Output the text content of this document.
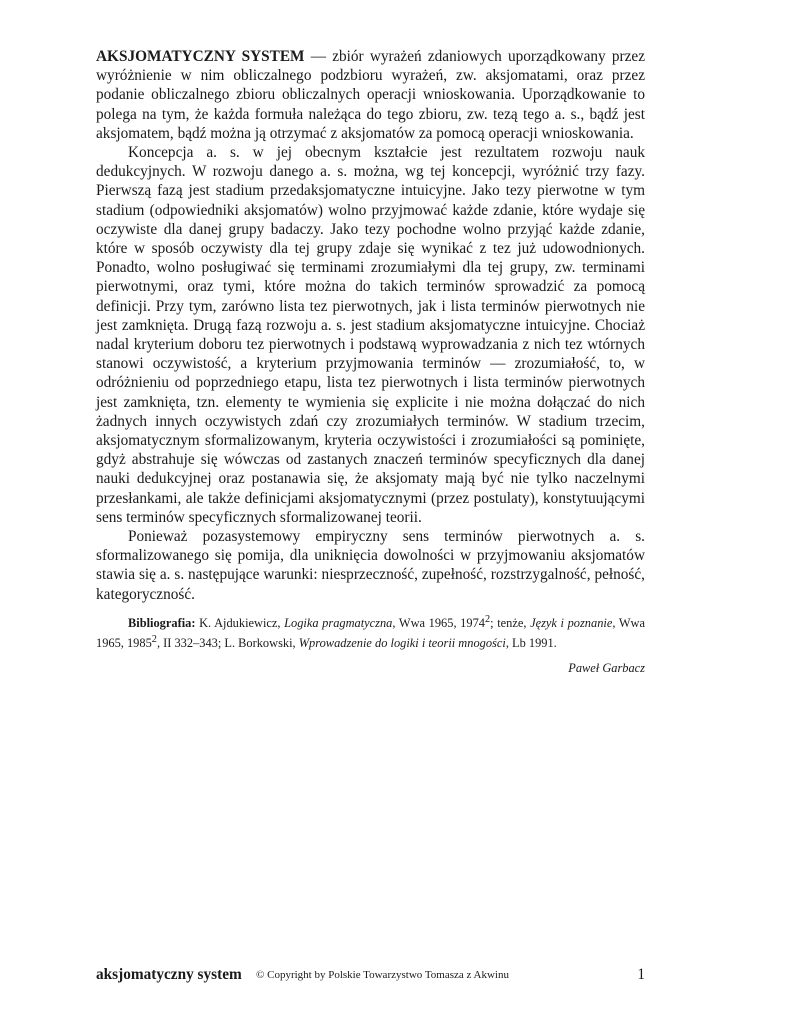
AKSJOMATYCZNY SYSTEM — zbiór wyrażeń zdaniowych uporządkowany przez wyróżnienie w nim obliczalnego podzbioru wyrażeń, zw. aksjomatami, oraz przez podanie obliczalnego zbioru obliczalnych operacji wnioskowania. Uporządkowanie to polega na tym, że każda formuła należąca do tego zbioru, zw. tezą tego a. s., bądź jest aksjomatem, bądź można ją otrzymać z aksjomatów za pomocą operacji wnioskowania.

Koncepcja a. s. w jej obecnym kształcie jest rezultatem rozwoju nauk dedukcyjnych. W rozwoju danego a. s. można, wg tej koncepcji, wyróżnić trzy fazy. Pierwszą fazą jest stadium przedaksjomatyczne intuicyjne. Jako tezy pierwotne w tym stadium (odpowiedniki aksjomatów) wolno przyjmować każde zdanie, które wydaje się oczywiste dla danej grupy badaczy. Jako tezy pochodne wolno przyjąć każde zdanie, które w sposób oczywisty dla tej grupy zdaje się wynikać z tez już udowodnionych. Ponadto, wolno posługiwać się terminami zrozumiałymi dla tej grupy, zw. terminami pierwotnymi, oraz tymi, które można do takich terminów sprowadzić za pomocą definicji. Przy tym, zarówno lista tez pierwotnych, jak i lista terminów pierwotnych nie jest zamknięta. Drugą fazą rozwoju a. s. jest stadium aksjomatyczne intuicyjne. Chociaż nadal kryterium doboru tez pierwotnych i podstawą wyprowadzania z nich tez wtórnych stanowi oczywistość, a kryterium przyjmowania terminów — zrozumiałość, to, w odróżnieniu od poprzedniego etapu, lista tez pierwotnych i lista terminów pierwotnych jest zamknięta, tzn. elementy te wymienia się explicite i nie można dołączać do nich żadnych innych oczywistych zdań czy zrozumiałych terminów. W stadium trzecim, aksjomatycznym sformalizowanym, kryteria oczywistości i zrozumiałości są pominięte, gdyż abstrahuje się wówczas od zastanych znaczeń terminów specyficznych dla danej nauki dedukcyjnej oraz postanawia się, że aksjomaty mają być nie tylko naczelnymi przesłankami, ale także definicjami aksjomatycznymi (przez postulaty), konstytuującymi sens terminów specyficznych sformalizowanej teorii.

Ponieważ pozasystemowy empiryczny sens terminów pierwotnych a. s. sformalizowanego się pomija, dla uniknięcia dowolności w przyjmowaniu aksjomatów stawia się a. s. następujące warunki: niesprzeczność, zupełność, rozstrzygalność, pełność, kategoryczność.

Bibliografia: K. Ajdukiewicz, Logika pragmatyczna, Wwa 1965, 1974$^2$; tenże, Język i poznanie, Wwa 1965, 1985$^2$, II 332–343; L. Borkowski, Wprowadzenie do logiki i teorii mnogości, Lb 1991.
Paweł Garbacz
aksjomatyczny system © Copyright by Polskie Towarzystwo Tomasza z Akwinu	1
